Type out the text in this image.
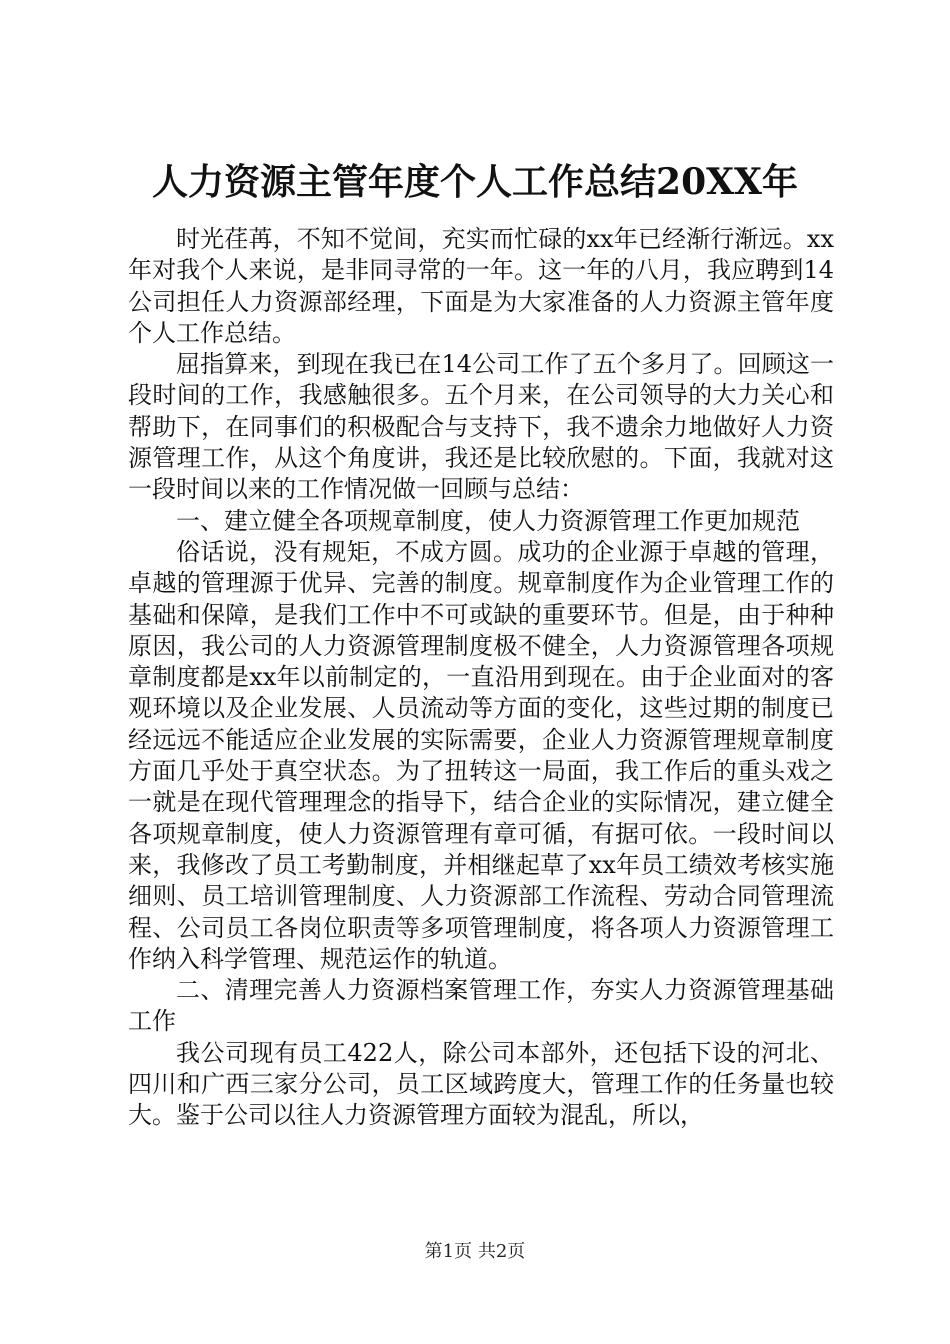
人力资源主管年度个人工作总结20XX年

时光荏苒，不知不觉间，充实而忙碌的xx年已经渐行渐远。xx年对我个人来说，是非同寻常的一年。这一年的八月，我应聘到14公司担任人力资源部经理，下面是为大家准备的人力资源主管年度个人工作总结。

屈指算来，到现在我已在14公司工作了五个多月了。回顾这一段时间的工作，我感触很多。五个月来，在公司领导的大力关心和帮助下，在同事们的积极配合与支持下，我不遗余力地做好人力资源管理工作，从这个角度讲，我还是比较欣慰的。下面，我就对这一段时间以来的工作情况做一回顾与总结：

一、建立健全各项规章制度，使人力资源管理工作更加规范

俗话说，没有规矩，不成方圆。成功的企业源于卓越的管理，卓越的管理源于优异、完善的制度。规章制度作为企业管理工作的基础和保障，是我们工作中不可或缺的重要环节。但是，由于种种原因，我公司的人力资源管理制度极不健全，人力资源管理各项规章制度都是xx年以前制定的，一直沿用到现在。由于企业面对的客观环境以及企业发展、人员流动等方面的变化，这些过期的制度已经远远不能适应企业发展的实际需要，企业人力资源管理规章制度方面几乎处于真空状态。为了扭转这一局面，我工作后的重头戏之一就是在现代管理理念的指导下，结合企业的实际情况，建立健全各项规章制度，使人力资源管理有章可循，有据可依。一段时间以来，我修改了员工考勤制度，并相继起草了xx年员工绩效考核实施细则、员工培训管理制度、人力资源部工作流程、劳动合同管理流程、公司员工各岗位职责等多项管理制度，将各项人力资源管理工作纳入科学管理、规范运作的轨道。

二、清理完善人力资源档案管理工作，夯实人力资源管理基础工作

我公司现有员工422人，除公司本部外，还包括下设的河北、四川和广西三家分公司，员工区域跨度大，管理工作的任务量也较大。鉴于公司以往人力资源管理方面较为混乱，所以，

第1页 共2页
